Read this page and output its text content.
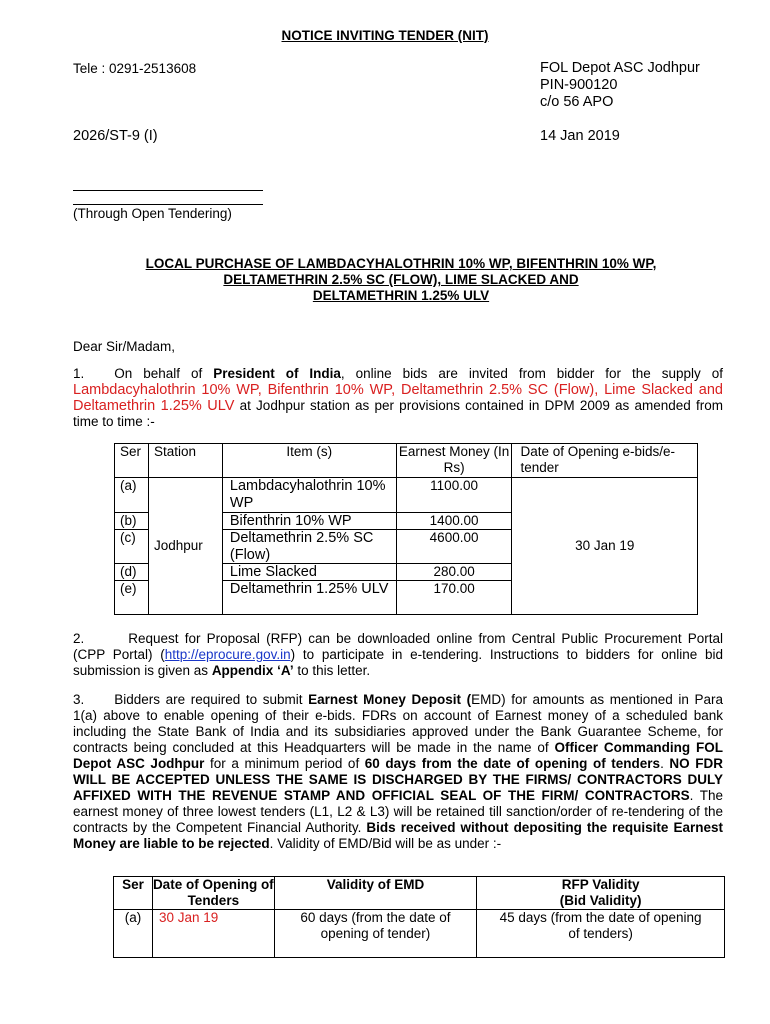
NOTICE INVITING TENDER (NIT)
Tele : 0291-2513608	FOL Depot ASC Jodhpur
PIN-900120
c/o 56 APO
2026/ST-9 (I)	14 Jan 2019
(Through Open Tendering)
LOCAL PURCHASE OF LAMBDACYHALOTHRIN 10% WP, BIFENTHRIN 10% WP,
DELTAMETHRIN 2.5% SC (FLOW), LIME SLACKED AND
DELTAMETHRIN 1.25% ULV
Dear Sir/Madam,
1. On behalf of President of India, online bids are invited from bidder for the supply of Lambdacyhalothrin 10% WP, Bifenthrin 10% WP, Deltamethrin 2.5% SC (Flow), Lime Slacked and Deltamethrin 1.25% ULV at Jodhpur station as per provisions contained in DPM 2009 as amended from time to time :-
Ser	Station	Item (s)	Earnest Money (In Rs)	Date of Opening e-bids/e-tender
(a)	Jodhpur	Lambdacyhalothrin 10% WP	1100.00	30 Jan 19
(b)		Bifenthrin 10% WP	1400.00	
(c)		Deltamethrin 2.5% SC (Flow)	4600.00	
(d)		Lime Slacked	280.00	
(e)		Deltamethrin 1.25% ULV	170.00	
2.	Request for Proposal (RFP) can be downloaded online from Central Public Procurement Portal (CPP Portal) (http://eprocure.gov.in) to participate in e-tendering. Instructions to bidders for online bid submission is given as Appendix ‘A’ to this letter.
3. Bidders are required to submit Earnest Money Deposit (EMD) for amounts as mentioned in Para 1(a) above to enable opening of their e-bids. FDRs on account of Earnest money of a scheduled bank including the State Bank of India and its subsidiaries approved under the Bank Guarantee Scheme, for contracts being concluded at this Headquarters will be made in the name of Officer Commanding FOL Depot ASC Jodhpur for a minimum period of 60 days from the date of opening of tenders. NO FDR WILL BE ACCEPTED UNLESS THE SAME IS DISCHARGED BY THE FIRMS/ CONTRACTORS DULY AFFIXED WITH THE REVENUE STAMP AND OFFICIAL SEAL OF THE FIRM/ CONTRACTORS. The earnest money of three lowest tenders (L1, L2 & L3) will be retained till sanction/order of re-tendering of the contracts by the Competent Financial Authority. Bids received without depositing the requisite Earnest Money are liable to be rejected. Validity of EMD/Bid will be as under :-
Ser	Date of Opening of Tenders	Validity of EMD	RFP Validity (Bid Validity)
(a)	30 Jan 19	60 days (from the date of opening of tender)	45 days (from the date of opening of tenders)
